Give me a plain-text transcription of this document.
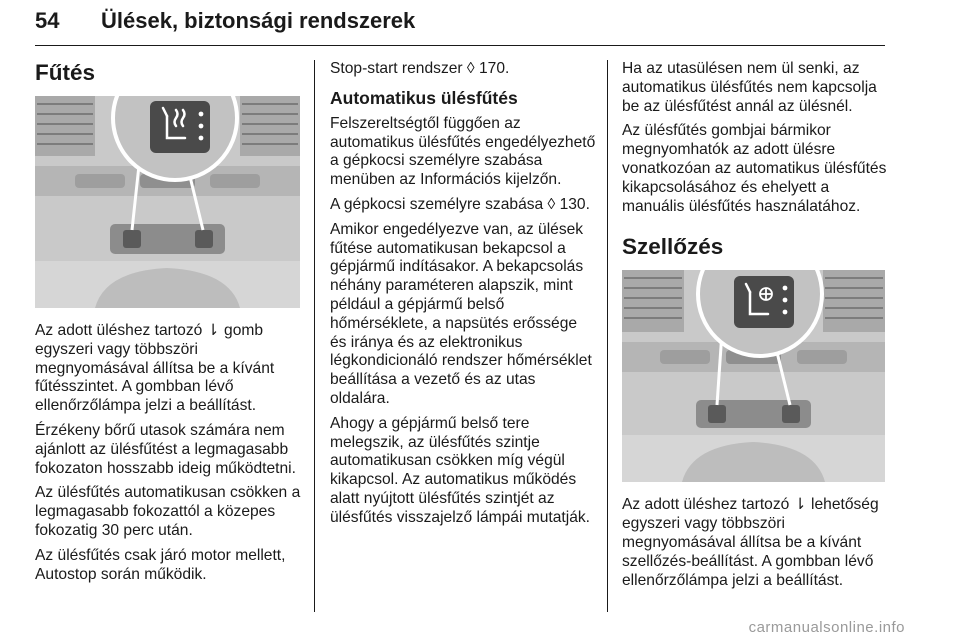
54 Ülések, biztonsági rendszerek
Fűtés

Az adott üléshez tartozó ⇂ gomb egyszeri vagy többszöri megnyomásával állítsa be a kívánt fűtésszintet. A gombban lévő ellenőrzőlámpa jelzi a beállítást.

Érzékeny bőrű utasok számára nem ajánlott az ülésfűtést a legmagasabb fokozaton hosszabb ideig működtetni.

Az ülésfűtés automatikusan csökken a legmagasabb fokozattól a közepes fokozatig 30 perc után.

Az ülésfűtés csak járó motor mellett, Autostop során működik.

Stop-start rendszer ◊ 170.

Automatikus ülésfűtés

Felszereltségtől függően az automatikus ülésfűtés engedélyezhető a gépkocsi személyre szabása menüben az Információs kijelzőn.

A gépkocsi személyre szabása ◊ 130.

Amikor engedélyezve van, az ülések fűtése automatikusan bekapcsol a gépjármű indításakor. A bekapcsolás néhány paraméteren alapszik, mint például a gépjármű belső hőmérséklete, a napsütés erőssége és iránya és az elektronikus légkondicionáló rendszer hőmérséklet beállítása a vezető és az utas oldalára.

Ahogy a gépjármű belső tere melegszik, az ülésfűtés szintje automatikusan csökken míg végül kikapcsol. Az automatikus működés alatt nyújtott ülésfűtés szintjét az ülésfűtés visszajelző lámpái mutatják.

Ha az utasülésen nem ül senki, az automatikus ülésfűtés nem kapcsolja be az ülésfűtést annál az ülésnél.

Az ülésfűtés gombjai bármikor megnyomhatók az adott ülésre vonatkozóan az automatikus ülésfűtés kikapcsolásához és ehelyett a manuális ülésfűtés használatához.

Szellőzés

Az adott üléshez tartozó ⇂ lehetőség egyszeri vagy többszöri megnyomásával állítsa be a kívánt szellőzés-beállítást. A gombban lévő ellenőrzőlámpa jelzi a beállítást.

carmanualsonline.info
